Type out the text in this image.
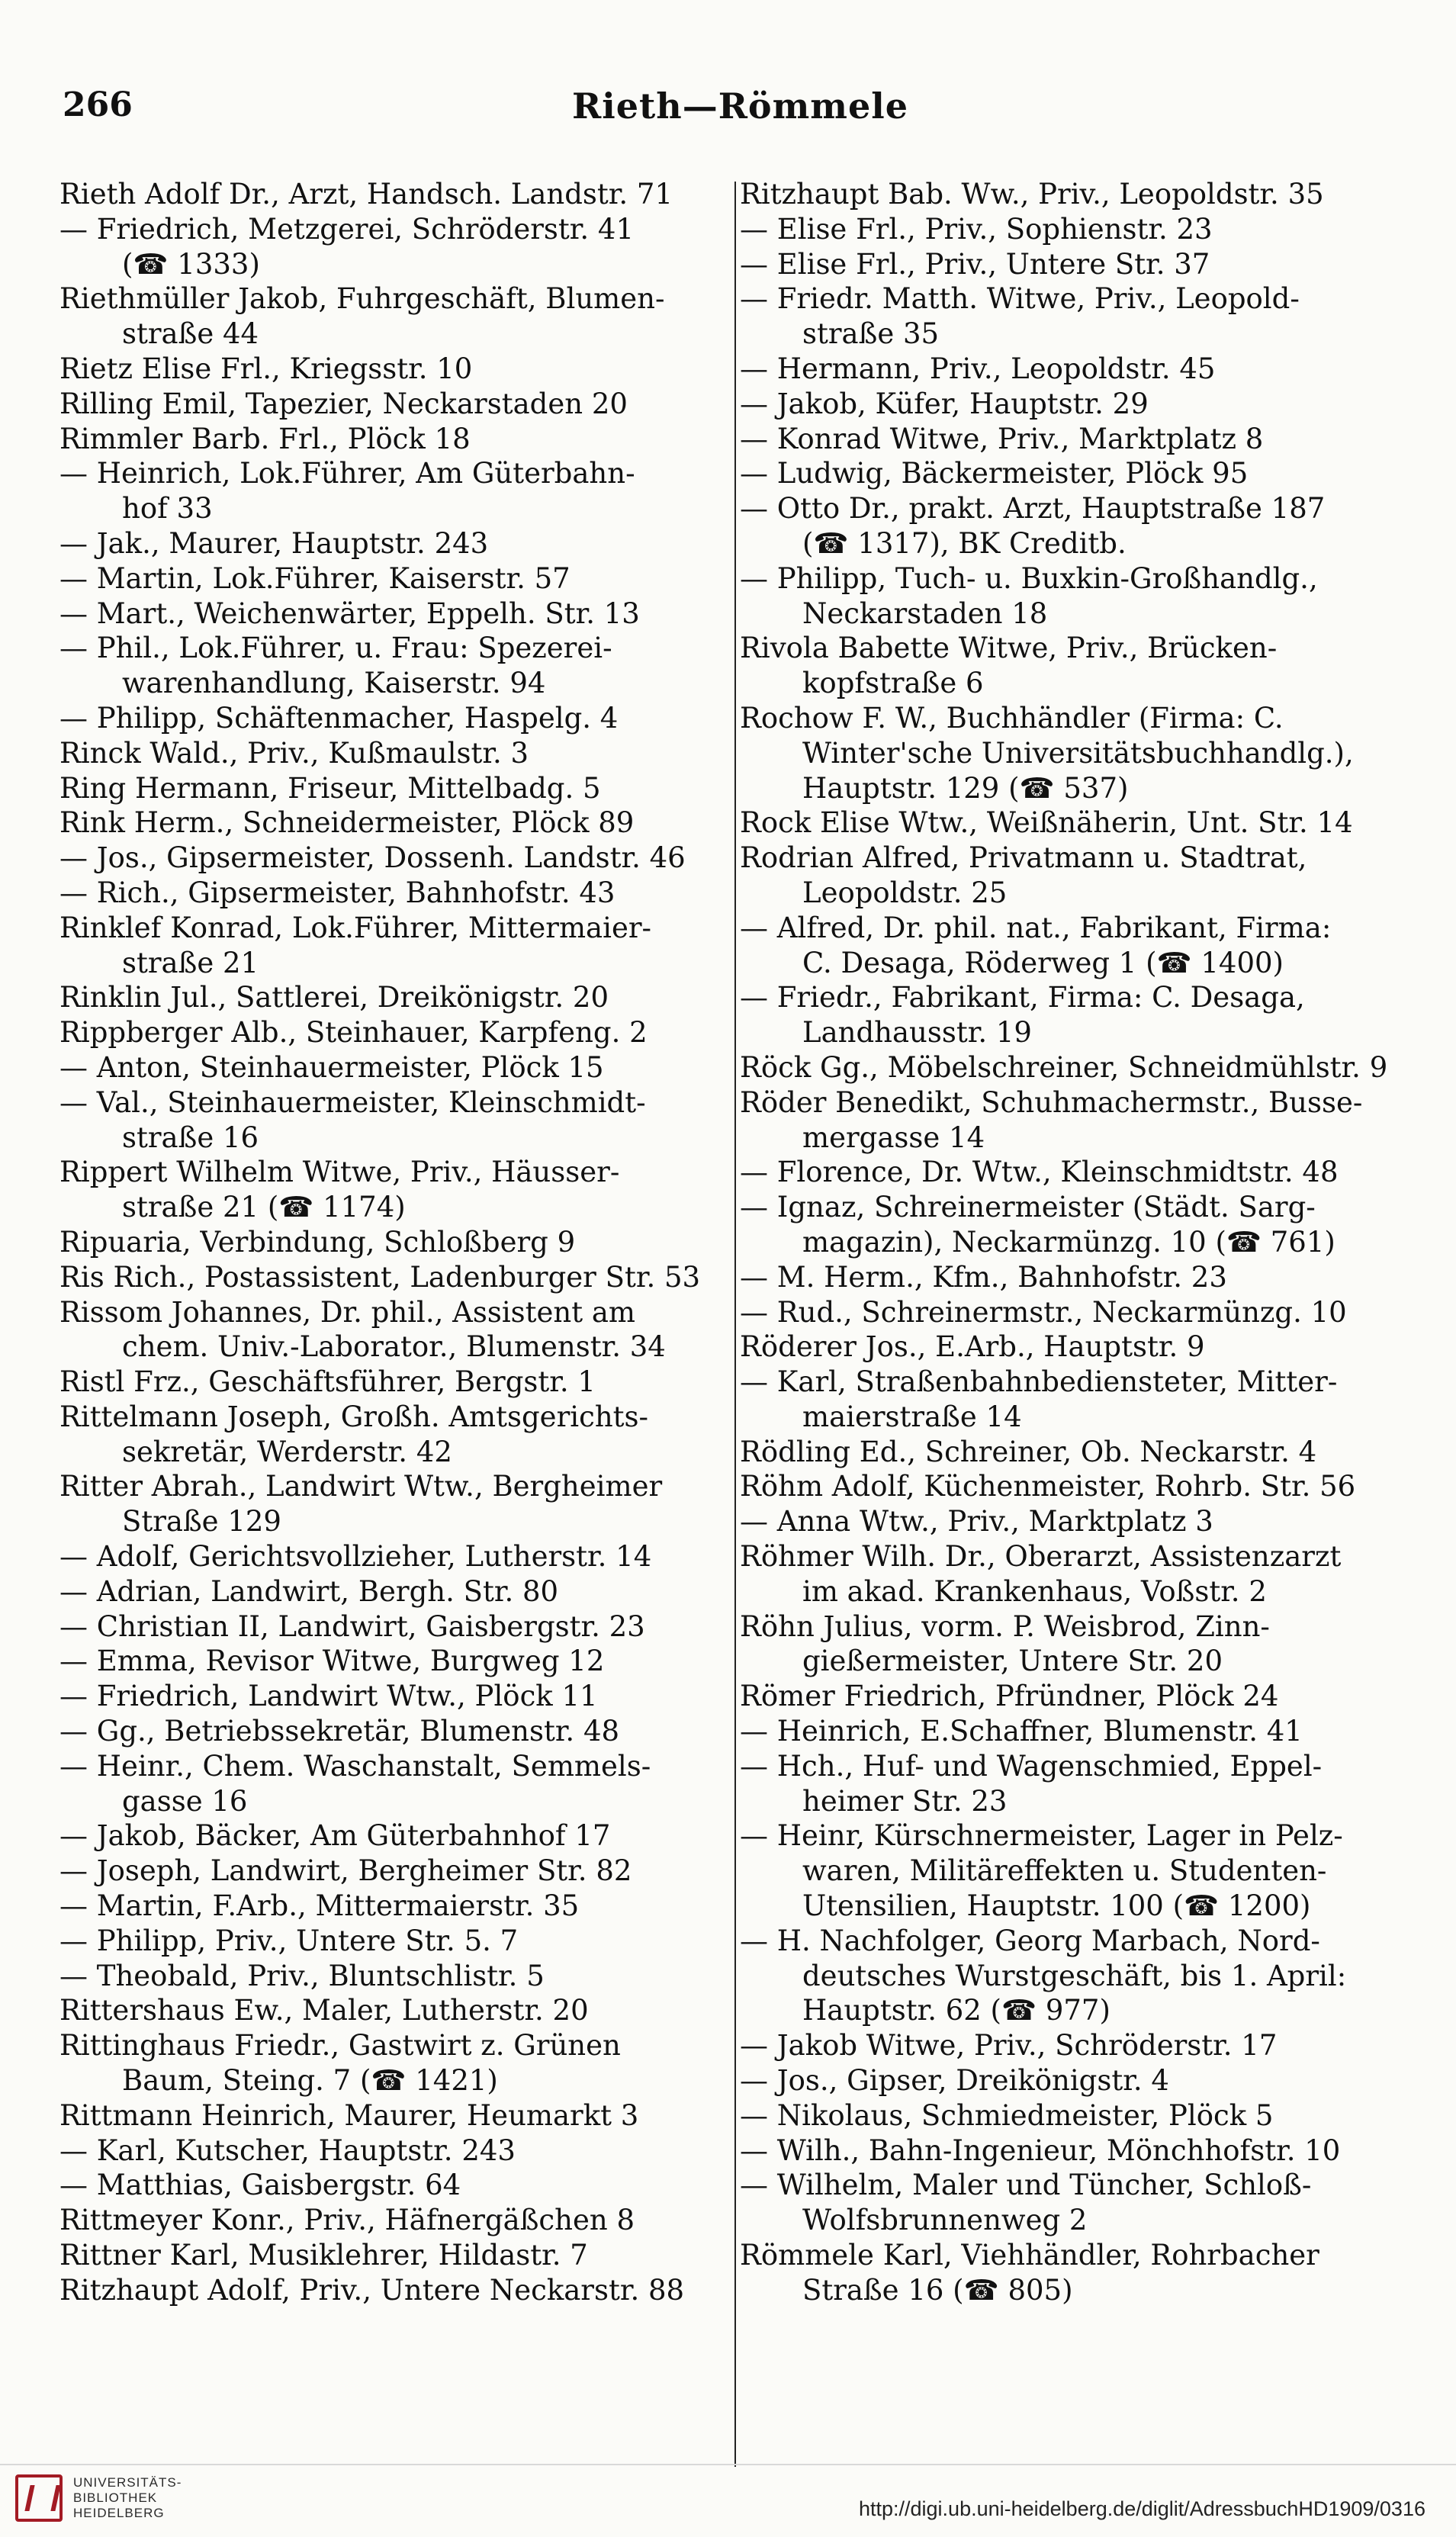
266	Rieth—Römmele
Rieth Adolf Dr., Arzt, Handsch. Landstr. 71
— Friedrich, Metzgerei, Schröderstr. 41
(☎ 1333)
Riethmüller Jakob, Fuhrgeschäft, Blumen-
straße 44
Rietz Elise Frl., Kriegsstr. 10
Rilling Emil, Tapezier, Neckarstaden 20
Rimmler Barb. Frl., Plöck 18
— Heinrich, Lok.Führer, Am Güterbahn-
hof 33
— Jak., Maurer, Hauptstr. 243
— Martin, Lok.Führer, Kaiserstr. 57
— Mart., Weichenwärter, Eppelh. Str. 13
— Phil., Lok.Führer, u. Frau: Spezerei-
warenhandlung, Kaiserstr. 94
— Philipp, Schäftenmacher, Haspelg. 4
Rinck Wald., Priv., Kußmaulstr. 3
Ring Hermann, Friseur, Mittelbadg. 5
Rink Herm., Schneidermeister, Plöck 89
— Jos., Gipsermeister, Dossenh. Landstr. 46
— Rich., Gipsermeister, Bahnhofstr. 43
Rinklef Konrad, Lok.Führer, Mittermaier-
straße 21
Rinklin Jul., Sattlerei, Dreikönigstr. 20
Rippberger Alb., Steinhauer, Karpfeng. 2
— Anton, Steinhauermeister, Plöck 15
— Val., Steinhauermeister, Kleinschmidt-
straße 16
Rippert Wilhelm Witwe, Priv., Häusser-
straße 21 (☎ 1174)
Ripuaria, Verbindung, Schloßberg 9
Ris Rich., Postassistent, Ladenburger Str. 53
Rissom Johannes, Dr. phil., Assistent am
chem. Univ.-Laborator., Blumenstr. 34
Ristl Frz., Geschäftsführer, Bergstr. 1
Rittelmann Joseph, Großh. Amtsgerichts-
sekretär, Werderstr. 42
Ritter Abrah., Landwirt Wtw., Bergheimer
Straße 129
— Adolf, Gerichtsvollzieher, Lutherstr. 14
— Adrian, Landwirt, Bergh. Str. 80
— Christian II, Landwirt, Gaisbergstr. 23
— Emma, Revisor Witwe, Burgweg 12
— Friedrich, Landwirt Wtw., Plöck 11
— Gg., Betriebssekretär, Blumenstr. 48
— Heinr., Chem. Waschanstalt, Semmels-
gasse 16
— Jakob, Bäcker, Am Güterbahnhof 17
— Joseph, Landwirt, Bergheimer Str. 82
— Martin, F.Arb., Mittermaierstr. 35
— Philipp, Priv., Untere Str. 5. 7
— Theobald, Priv., Bluntschlistr. 5
Rittershaus Ew., Maler, Lutherstr. 20
Rittinghaus Friedr., Gastwirt z. Grünen
Baum, Steing. 7 (☎ 1421)
Rittmann Heinrich, Maurer, Heumarkt 3
— Karl, Kutscher, Hauptstr. 243
— Matthias, Gaisbergstr. 64
Rittmeyer Konr., Priv., Häfnergäßchen 8
Rittner Karl, Musiklehrer, Hildastr. 7
Ritzhaupt Adolf, Priv., Untere Neckarstr. 88
Ritzhaupt Bab. Ww., Priv., Leopoldstr. 35
— Elise Frl., Priv., Sophienstr. 23
— Elise Frl., Priv., Untere Str. 37
— Friedr. Matth. Witwe, Priv., Leopold-
straße 35
— Hermann, Priv., Leopoldstr. 45
— Jakob, Küfer, Hauptstr. 29
— Konrad Witwe, Priv., Marktplatz 8
— Ludwig, Bäckermeister, Plöck 95
— Otto Dr., prakt. Arzt, Hauptstraße 187
(☎ 1317), BK Creditb.
— Philipp, Tuch- u. Buxkin-Großhandlg.,
Neckarstaden 18
Rivola Babette Witwe, Priv., Brücken-
kopfstraße 6
Rochow F. W., Buchhändler (Firma: C.
Winter'sche Universitätsbuchhandlg.),
Hauptstr. 129 (☎ 537)
Rock Elise Wtw., Weißnäherin, Unt. Str. 14
Rodrian Alfred, Privatmann u. Stadtrat,
Leopoldstr. 25
— Alfred, Dr. phil. nat., Fabrikant, Firma:
C. Desaga, Röderweg 1 (☎ 1400)
— Friedr., Fabrikant, Firma: C. Desaga,
Landhausstr. 19
Röck Gg., Möbelschreiner, Schneidmühlstr. 9
Röder Benedikt, Schuhmachermstr., Busse-
mergasse 14
— Florence, Dr. Wtw., Kleinschmidtstr. 48
— Ignaz, Schreinermeister (Städt. Sarg-
magazin), Neckarmünzg. 10 (☎ 761)
— M. Herm., Kfm., Bahnhofstr. 23
— Rud., Schreinermstr., Neckarmünzg. 10
Röderer Jos., E.Arb., Hauptstr. 9
— Karl, Straßenbahnbediensteter, Mitter-
maierstraße 14
Rödling Ed., Schreiner, Ob. Neckarstr. 4
Röhm Adolf, Küchenmeister, Rohrb. Str. 56
— Anna Wtw., Priv., Marktplatz 3
Röhmer Wilh. Dr., Oberarzt, Assistenzarzt
im akad. Krankenhaus, Voßstr. 2
Röhn Julius, vorm. P. Weisbrod, Zinn-
gießermeister, Untere Str. 20
Römer Friedrich, Pfründner, Plöck 24
— Heinrich, E.Schaffner, Blumenstr. 41
— Hch., Huf- und Wagenschmied, Eppel-
heimer Str. 23
— Heinr, Kürschnermeister, Lager in Pelz-
waren, Militäreffekten u. Studenten-
Utensilien, Hauptstr. 100 (☎ 1200)
— H. Nachfolger, Georg Marbach, Nord-
deutsches Wurstgeschäft, bis 1. April:
Hauptstr. 62 (☎ 977)
— Jakob Witwe, Priv., Schröderstr. 17
— Jos., Gipser, Dreikönigstr. 4
— Nikolaus, Schmiedmeister, Plöck 5
— Wilh., Bahn-Ingenieur, Mönchhofstr. 10
— Wilhelm, Maler und Tüncher, Schloß-
Wolfsbrunnenweg 2
Römmele Karl, Viehhändler, Rohrbacher
Straße 16 (☎ 805)
UNIVERSITÄTS-
BIBLIOTHEK
HEIDELBERG	http://digi.ub.uni-heidelberg.de/diglit/AdressbuchHD1909/0316
